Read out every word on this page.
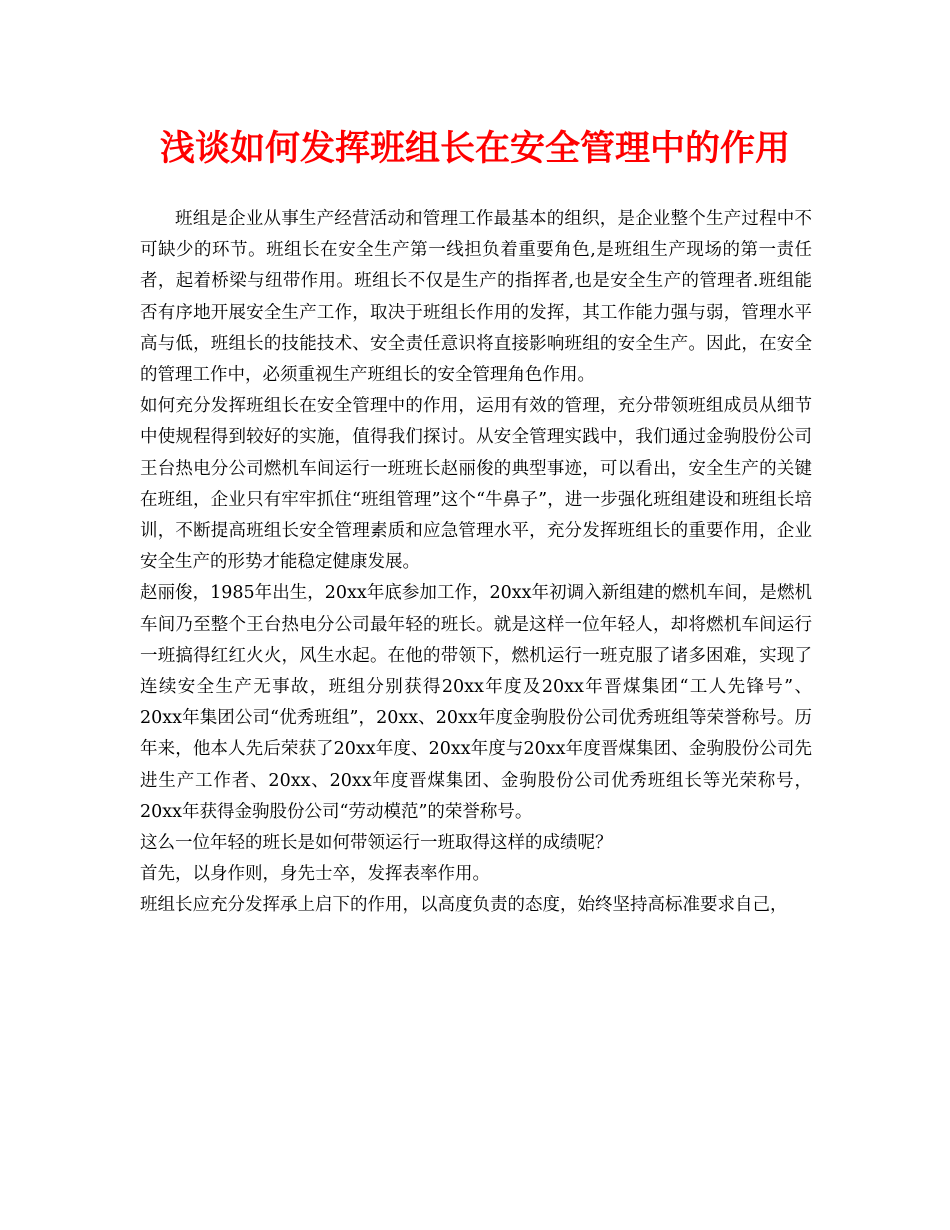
浅谈如何发挥班组长在安全管理中的作用

班组是企业从事生产经营活动和管理工作最基本的组织，是企业整个生产过程中不可缺少的环节。班组长在安全生产第一线担负着重要角色,是班组生产现场的第一责任者，起着桥梁与纽带作用。班组长不仅是生产的指挥者,也是安全生产的管理者.班组能否有序地开展安全生产工作，取决于班组长作用的发挥，其工作能力强与弱，管理水平高与低，班组长的技能技术、安全责任意识将直接影响班组的安全生产。因此，在安全的管理工作中，必须重视生产班组长的安全管理角色作用。

如何充分发挥班组长在安全管理中的作用，运用有效的管理，充分带领班组成员从细节中使规程得到较好的实施，值得我们探讨。从安全管理实践中，我们通过金驹股份公司王台热电分公司燃机车间运行一班班长赵丽俊的典型事迹，可以看出，安全生产的关键在班组，企业只有牢牢抓住“班组管理”这个“牛鼻子”，进一步强化班组建设和班组长培训，不断提高班组长安全管理素质和应急管理水平，充分发挥班组长的重要作用，企业安全生产的形势才能稳定健康发展。

赵丽俊，1985年出生，20xx年底参加工作，20xx年初调入新组建的燃机车间，是燃机车间乃至整个王台热电分公司最年轻的班长。就是这样一位年轻人，却将燃机车间运行一班搞得红红火火，风生水起。在他的带领下，燃机运行一班克服了诸多困难，实现了连续安全生产无事故，班组分别获得20xx年度及20xx年晋煤集团“工人先锋号”、 20xx年集团公司“优秀班组”，20xx、20xx年度金驹股份公司优秀班组等荣誉称号。历年来，他本人先后荣获了20xx年度、20xx年度与20xx年度晋煤集团、金驹股份公司先进生产工作者、20xx、20xx年度晋煤集团、金驹股份公司优秀班组长等光荣称号，20xx年获得金驹股份公司“劳动模范”的荣誉称号。

这么一位年轻的班长是如何带领运行一班取得这样的成绩呢？

首先，以身作则，身先士卒，发挥表率作用。

班组长应充分发挥承上启下的作用，以高度负责的态度，始终坚持高标准要求自己，
